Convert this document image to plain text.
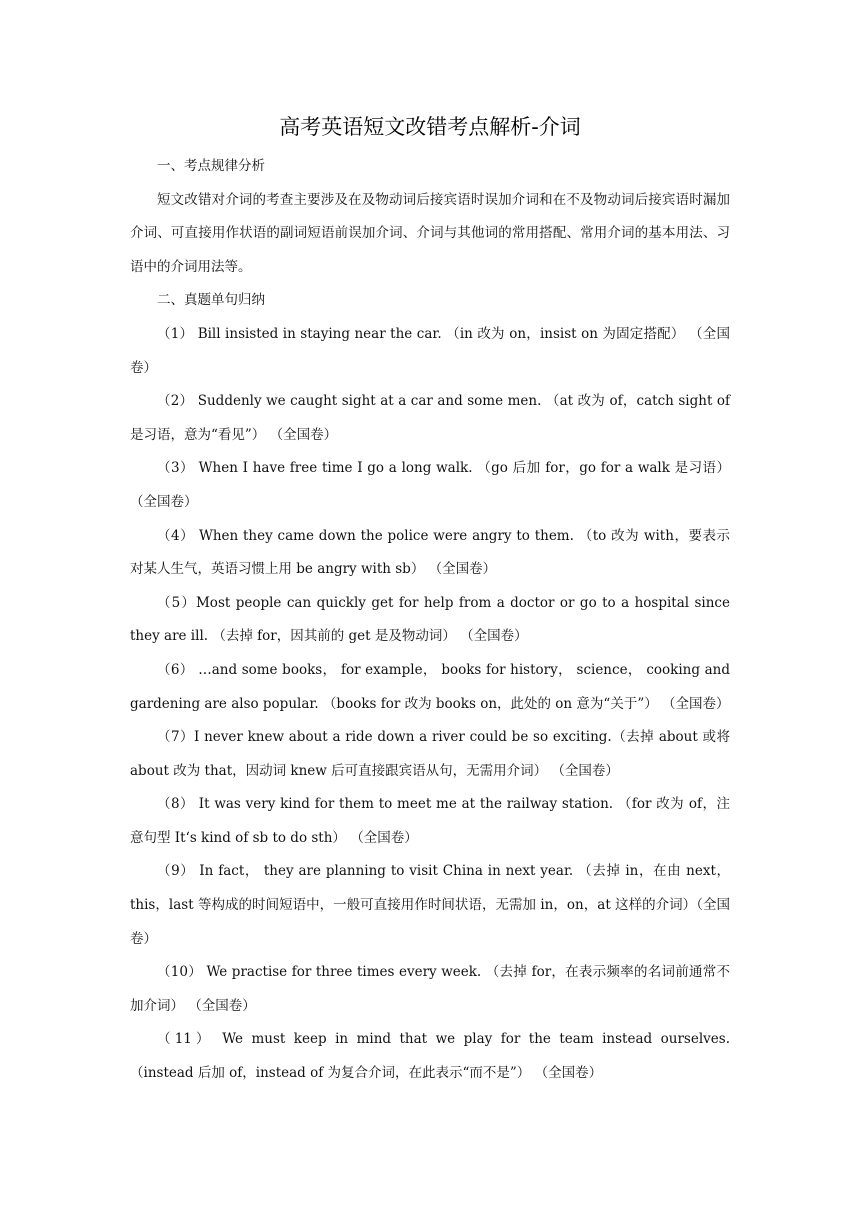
高考英语短文改错考点解析-介词

一、考点规律分析

短文改错对介词的考查主要涉及在及物动词后接宾语时误加介词和在不及物动词后接宾语时漏加介词、可直接用作状语的副词短语前误加介词、介词与其他词的常用搭配、常用介词的基本用法、习语中的介词用法等。

二、真题单句归纳

（1） Bill insisted in staying near the car. （in 改为 on，insist on 为固定搭配） （全国卷）

（2） Suddenly we caught sight at a car and some men. （at 改为 of，catch sight of 是习语，意为“看见”） （全国卷）

（3） When I have free time I go a long walk. （go 后加 for，go for a walk 是习语）（全国卷）

（4） When they came down the police were angry to them. （to 改为 with，要表示对某人生气，英语习惯上用 be angry with sb） （全国卷）

（5）Most people can quickly get for help from a doctor or go to a hospital since they are ill. （去掉 for，因其前的 get 是及物动词） （全国卷）

（6） …and some books， for example， books for history， science， cooking and gardening are also popular. （books for 改为 books on，此处的 on 意为“关于”） （全国卷）

（7）I never knew about a ride down a river could be so exciting.（去掉 about 或将 about 改为 that，因动词 knew 后可直接跟宾语从句，无需用介词） （全国卷）

（8） It was very kind for them to meet me at the railway station. （for 改为 of，注意句型 It‘s kind of sb to do sth） （全国卷）

（9） In fact， they are planning to visit China in next year. （去掉 in，在由 next， this，last 等构成的时间短语中，一般可直接用作时间状语，无需加 in，on，at 这样的介词）（全国卷）

（10） We practise for three times every week. （去掉 for，在表示频率的名词前通常不加介词） （全国卷）

（11） We must keep in mind that we play for the team instead ourselves. （instead 后加 of，instead of 为复合介词，在此表示“而不是”） （全国卷）
